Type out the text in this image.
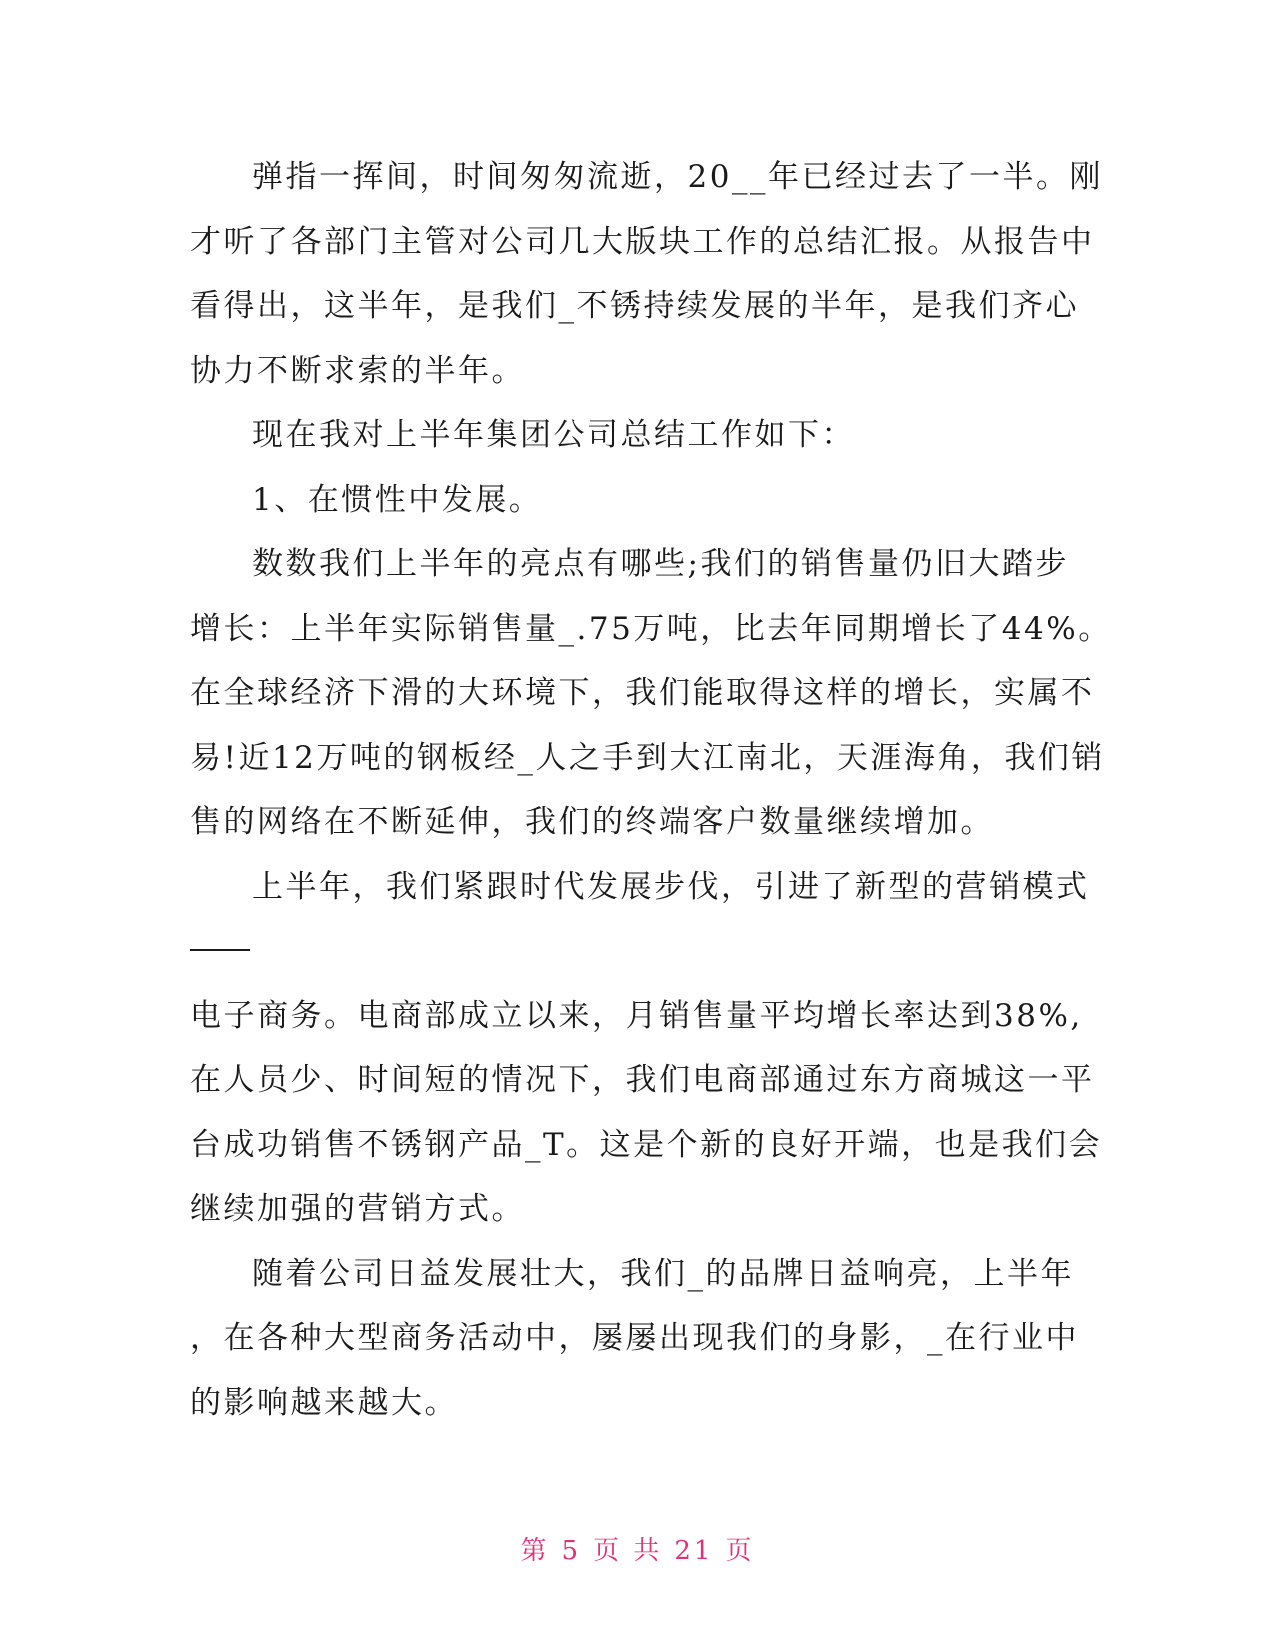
弹指一挥间，时间匆匆流逝，20__年已经过去了一半。刚
才听了各部门主管对公司几大版块工作的总结汇报。从报告中
看得出，这半年，是我们_不锈持续发展的半年，是我们齐心
协力不断求索的半年。

现在我对上半年集团公司总结工作如下：

1、在惯性中发展。

数数我们上半年的亮点有哪些;我们的销售量仍旧大踏步
增长：上半年实际销售量_.75万吨，比去年同期增长了44%。
在全球经济下滑的大环境下，我们能取得这样的增长，实属不
易!近12万吨的钢板经_人之手到大江南北，天涯海角，我们销
售的网络在不断延伸，我们的终端客户数量继续增加。

上半年，我们紧跟时代发展步伐，引进了新型的营销模式

电子商务。电商部成立以来，月销售量平均增长率达到38%,
在人员少、时间短的情况下，我们电商部通过东方商城这一平
台成功销售不锈钢产品_T。这是个新的良好开端，也是我们会
继续加强的营销方式。

随着公司日益发展壮大，我们_的品牌日益响亮，上半年
，在各种大型商务活动中，屡屡出现我们的身影，_在行业中
的影响越来越大。

第 5 页 共 21 页
